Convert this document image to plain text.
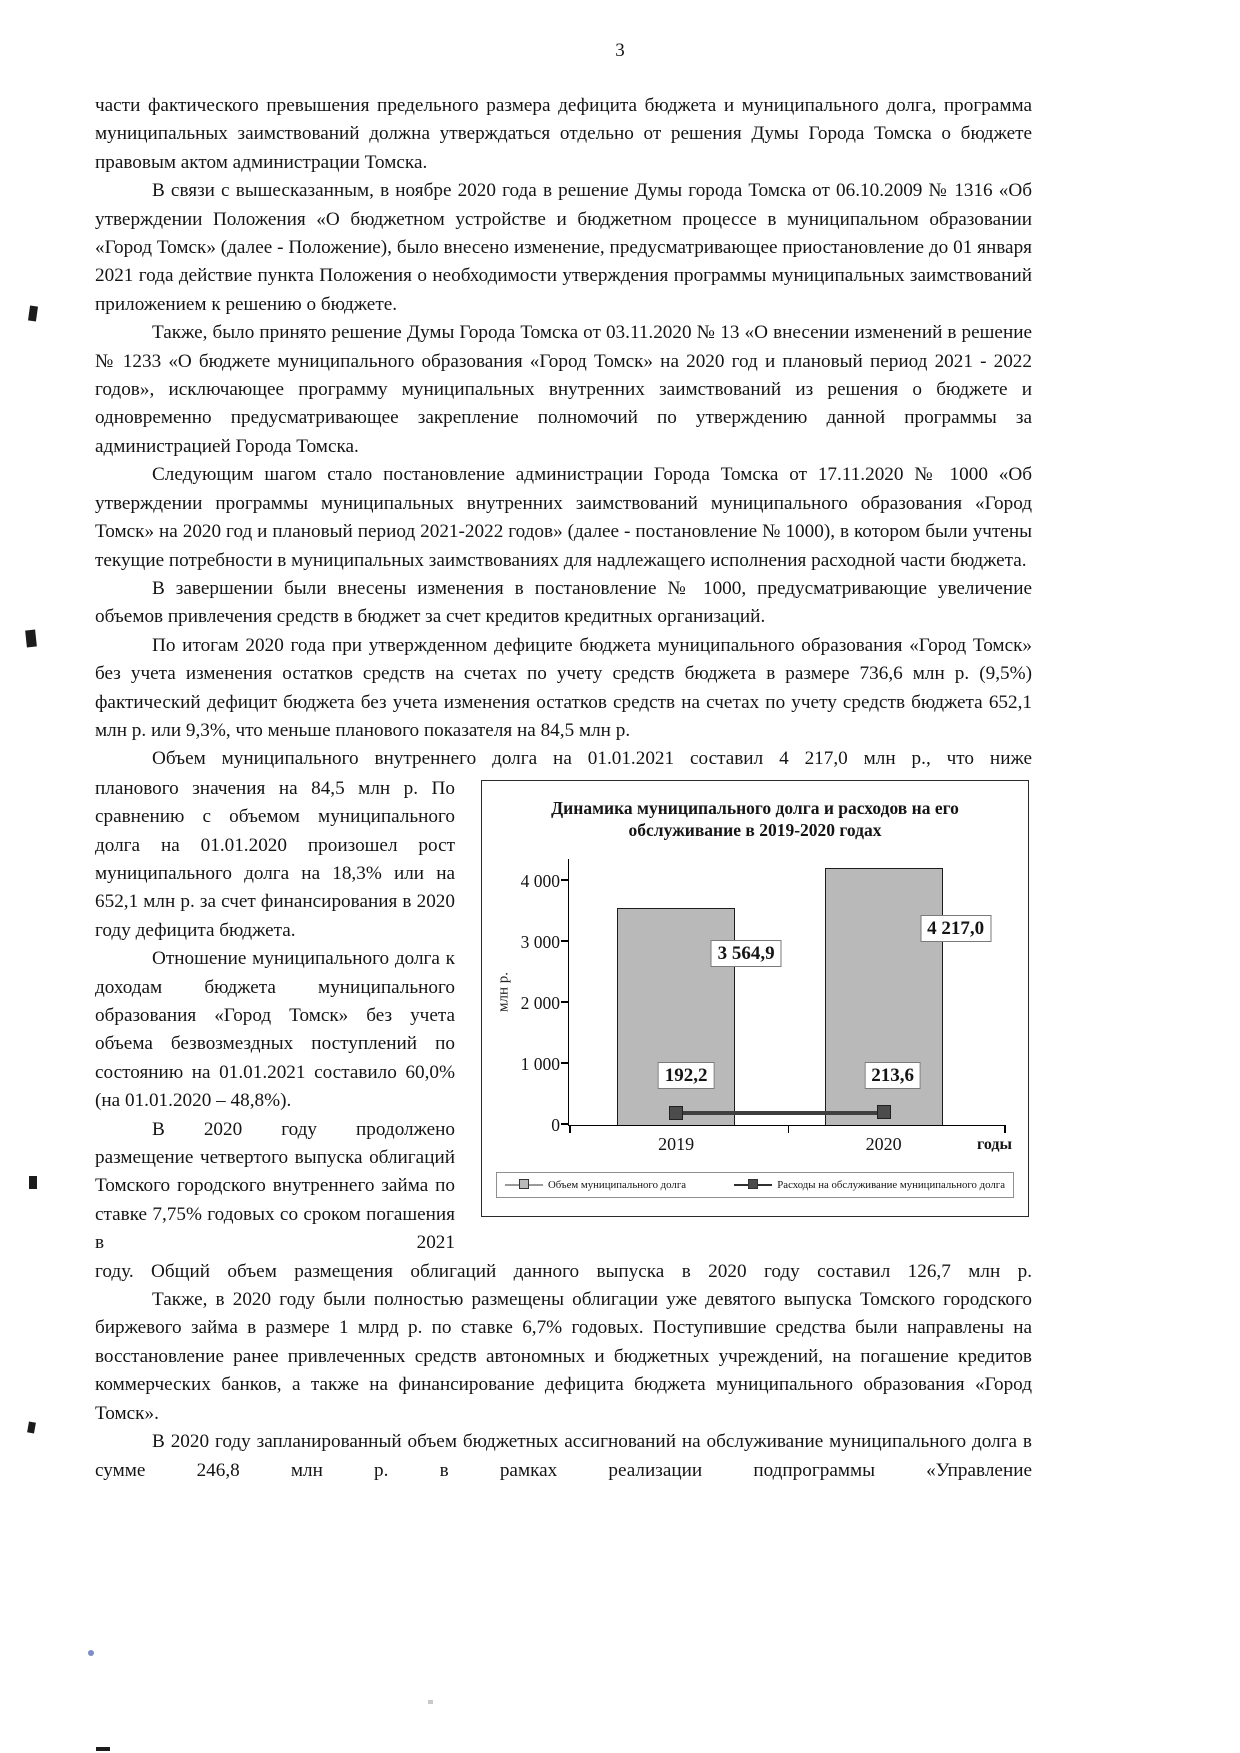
3

части фактического превышения предельного размера дефицита бюджета и муниципального долга, программа муниципальных заимствований должна утверждаться отдельно от решения Думы Города Томска о бюджете правовым актом администрации Томска.

В связи с вышесказанным, в ноябре 2020 года в решение Думы города Томска от 06.10.2009 № 1316 «Об утверждении Положения «О бюджетном устройстве и бюджетном процессе в муниципальном образовании «Город Томск» (далее - Положение), было внесено изменение, предусматривающее приостановление до 01 января 2021 года действие пункта Положения о необходимости утверждения программы муниципальных заимствований приложением к решению о бюджете.

Также, было принято решение Думы Города Томска от 03.11.2020 № 13 «О внесении изменений в решение № 1233 «О бюджете муниципального образования «Город Томск» на 2020 год и плановый период 2021 - 2022 годов», исключающее программу муниципальных внутренних заимствований из решения о бюджете и одновременно предусматривающее закрепление полномочий по утверждению данной программы за администрацией Города Томска.

Следующим шагом стало постановление администрации Города Томска от 17.11.2020 № 1000 «Об утверждении программы муниципальных внутренних заимствований муниципального образования «Город Томск» на 2020 год и плановый период 2021-2022 годов» (далее - постановление № 1000), в котором были учтены текущие потребности в муниципальных заимствованиях для надлежащего исполнения расходной части бюджета.

В завершении были внесены изменения в постановление № 1000, предусматривающие увеличение объемов привлечения средств в бюджет за счет кредитов кредитных организаций.

По итогам 2020 года при утвержденном дефиците бюджета муниципального образования «Город Томск» без учета изменения остатков средств на счетах по учету средств бюджета в размере 736,6 млн р. (9,5%) фактический дефицит бюджета без учета изменения остатков средств на счетах по учету средств бюджета 652,1 млн р. или 9,3%, что меньше планового показателя на 84,5 млн р.

Объем муниципального внутреннего долга на 01.01.2021 составил 4 217,0 млн р., что ниже

планового значения на 84,5 млн р. По сравнению с объемом муниципального долга на 01.01.2020 произошел рост муниципального долга на 18,3% или на 652,1 млн р. за счет финансирования в 2020 году дефицита бюджета.

Отношение муниципального долга к доходам бюджета муниципального образования «Город Томск» без учета объема безвозмездных поступлений по состоянию на 01.01.2021 составило 60,0% (на 01.01.2020 – 48,8%).

В 2020 году продолжено размещение четвертого выпуска облигаций Томского городского внутреннего займа по ставке 7,75% годовых со сроком погашения в 2021

Динамика муниципального долга и расходов на его обслуживание в 2019-2020 годах
млн р.
4 000
3 000
2 000
1 000
0
годы
3 564,9
4 217,0
192,2	213,6
2019	2020
Объем муниципального долга	Расходы на обслуживание муниципального долга

году. Общий объем размещения облигаций данного выпуска в 2020 году составил 126,7 млн р.

Также, в 2020 году были полностью размещены облигации уже девятого выпуска Томского городского биржевого займа в размере 1 млрд р. по ставке 6,7% годовых. Поступившие средства были направлены на восстановление ранее привлеченных средств автономных и бюджетных учреждений, на погашение кредитов коммерческих банков, а также на финансирование дефицита бюджета муниципального образования «Город Томск».

В 2020 году запланированный объем бюджетных ассигнований на обслуживание муниципального долга в сумме 246,8 млн р. в рамках реализации подпрограммы «Управление
